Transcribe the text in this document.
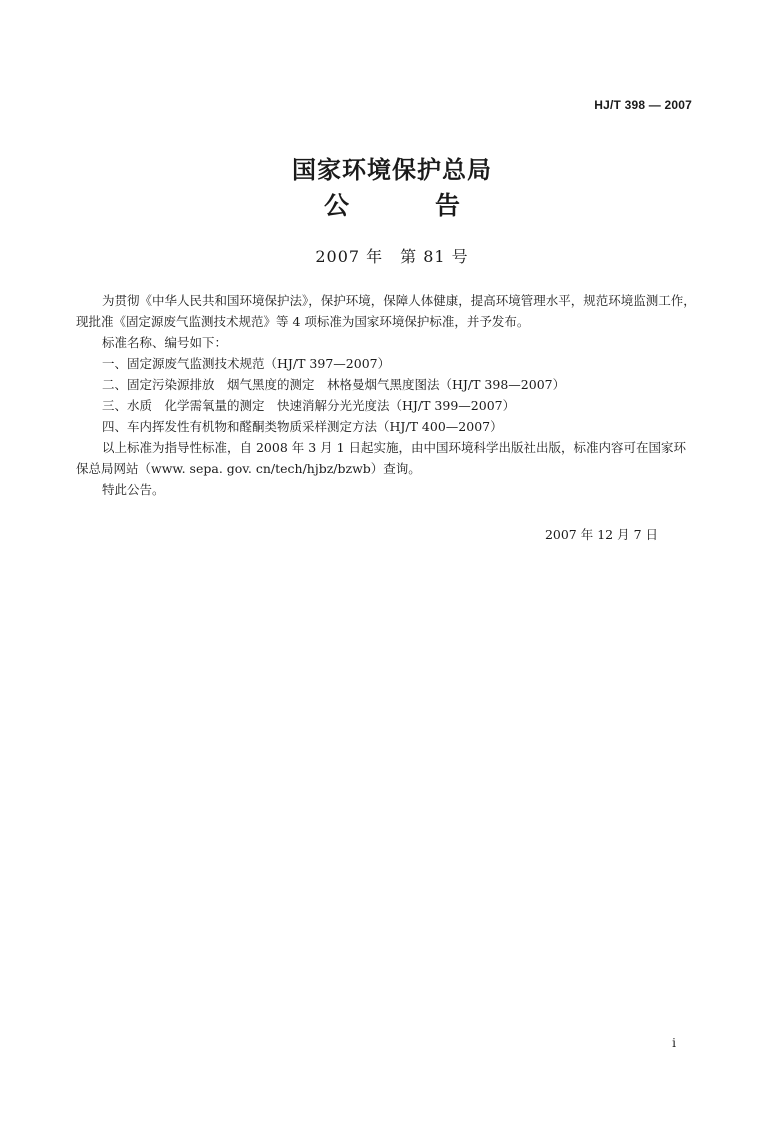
HJ/T 398 — 2007
国家环境保护总局
公告
2007 年　第 81 号

为贯彻《中华人民共和国环境保护法》，保护环境，保障人体健康，提高环境管理水平，规范环境监测工作，现批准《固定源废气监测技术规范》等 4 项标准为国家环境保护标准，并予发布。

标准名称、编号如下：

一、固定源废气监测技术规范（HJ/T 397—2007）

二、固定污染源排放　烟气黑度的测定　林格曼烟气黑度图法（HJ/T 398—2007）

三、水质　化学需氧量的测定　快速消解分光光度法（HJ/T 399—2007）

四、车内挥发性有机物和醛酮类物质采样测定方法（HJ/T 400—2007）

以上标准为指导性标准，自 2008 年 3 月 1 日起实施，由中国环境科学出版社出版，标准内容可在国家环保总局网站（www. sepa. gov. cn/tech/hjbz/bzwb）查询。

特此公告。

2007 年 12 月 7 日
i
